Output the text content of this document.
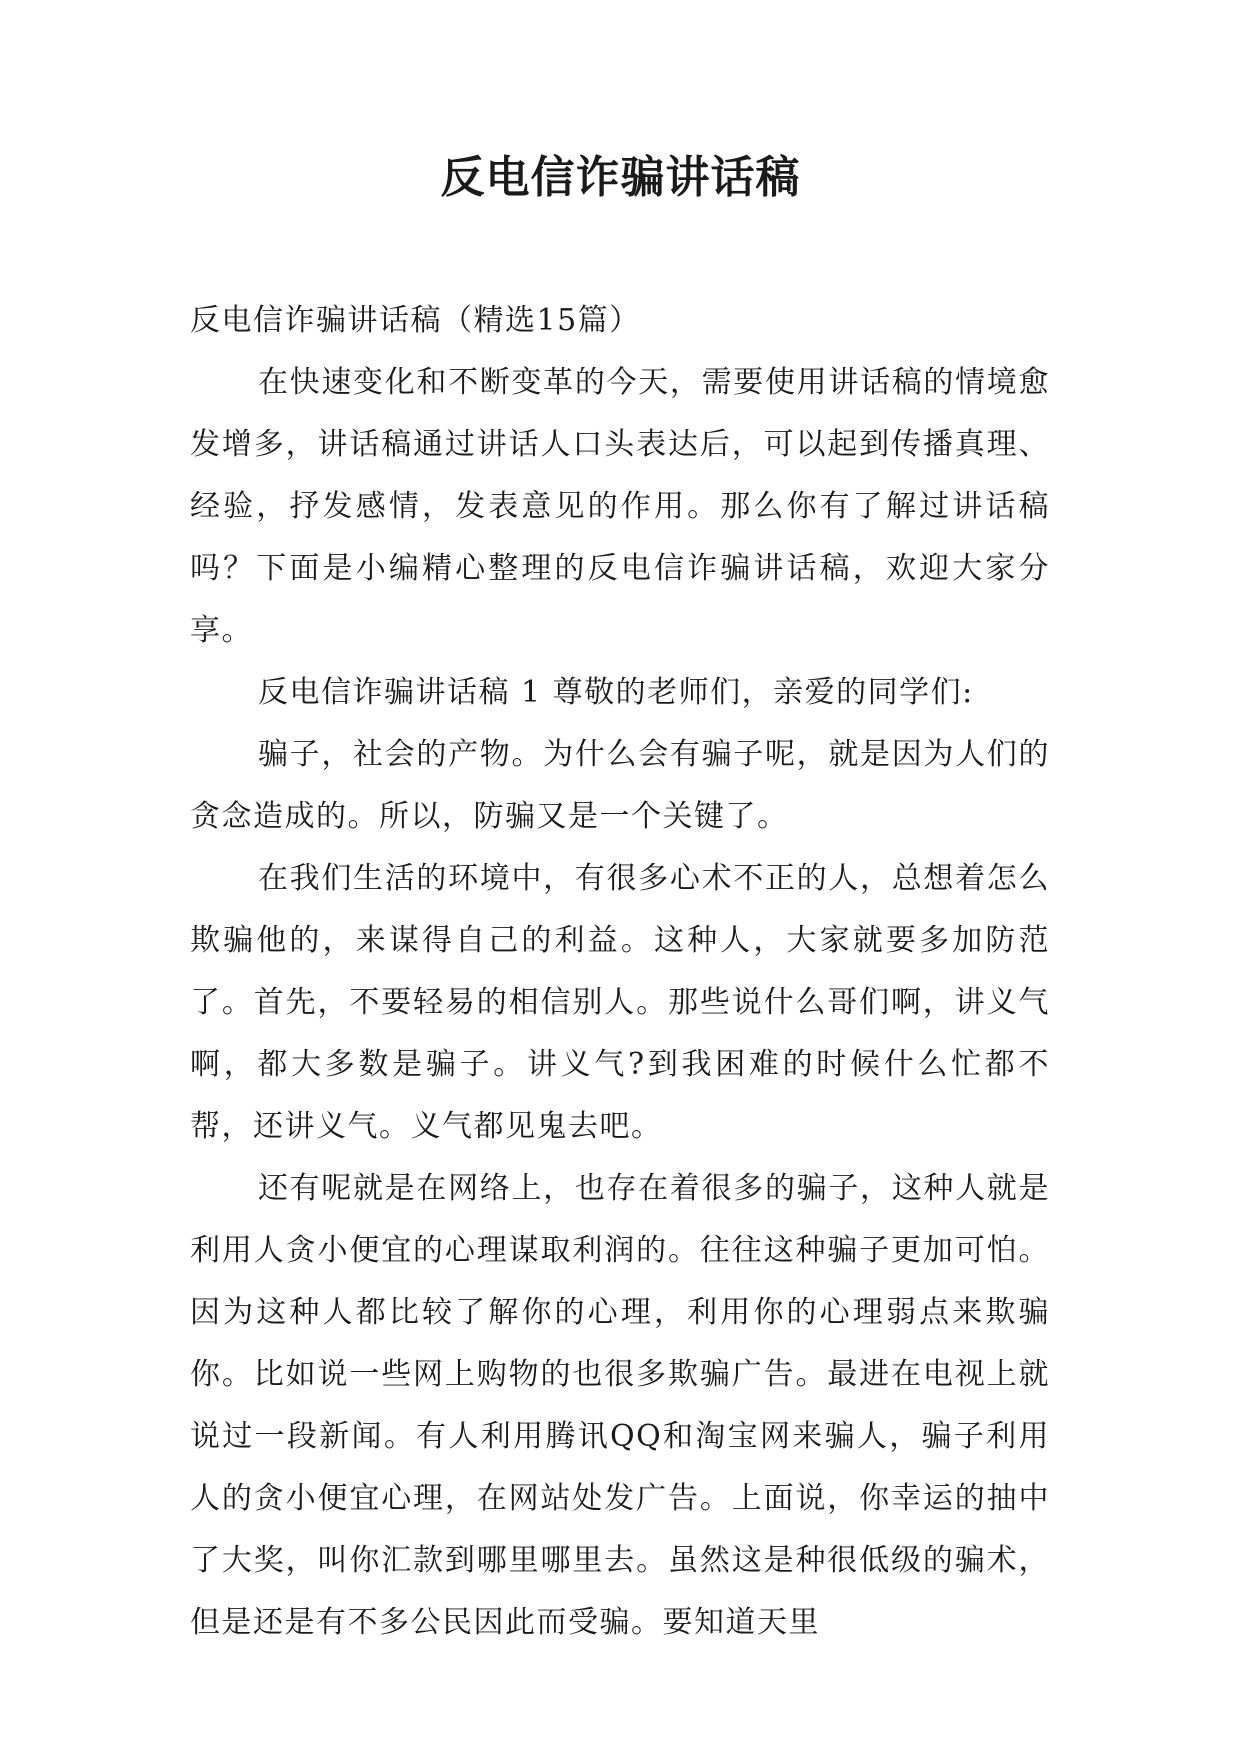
反电信诈骗讲话稿

反电信诈骗讲话稿（精选15篇）

在快速变化和不断变革的今天，需要使用讲话稿的情境愈发增多，讲话稿通过讲话人口头表达后，可以起到传播真理、经验，抒发感情，发表意见的作用。那么你有了解过讲话稿吗？下面是小编精心整理的反电信诈骗讲话稿，欢迎大家分享。

反电信诈骗讲话稿 1 尊敬的老师们，亲爱的同学们:

骗子，社会的产物。为什么会有骗子呢，就是因为人们的贪念造成的。所以，防骗又是一个关键了。

在我们生活的环境中，有很多心术不正的人，总想着怎么欺骗他的，来谋得自己的利益。这种人，大家就要多加防范了。首先，不要轻易的相信别人。那些说什么哥们啊，讲义气啊，都大多数是骗子。讲义气?到我困难的时候什么忙都不帮，还讲义气。义气都见鬼去吧。

还有呢就是在网络上，也存在着很多的骗子，这种人就是利用人贪小便宜的心理谋取利润的。往往这种骗子更加可怕。因为这种人都比较了解你的心理，利用你的心理弱点来欺骗你。比如说一些网上购物的也很多欺骗广告。最进在电视上就说过一段新闻。有人利用腾讯QQ和淘宝网来骗人，骗子利用人的贪小便宜心理，在网站处发广告。上面说，你幸运的抽中了大奖，叫你汇款到哪里哪里去。虽然这是种很低级的骗术，但是还是有不多公民因此而受骗。要知道天里
